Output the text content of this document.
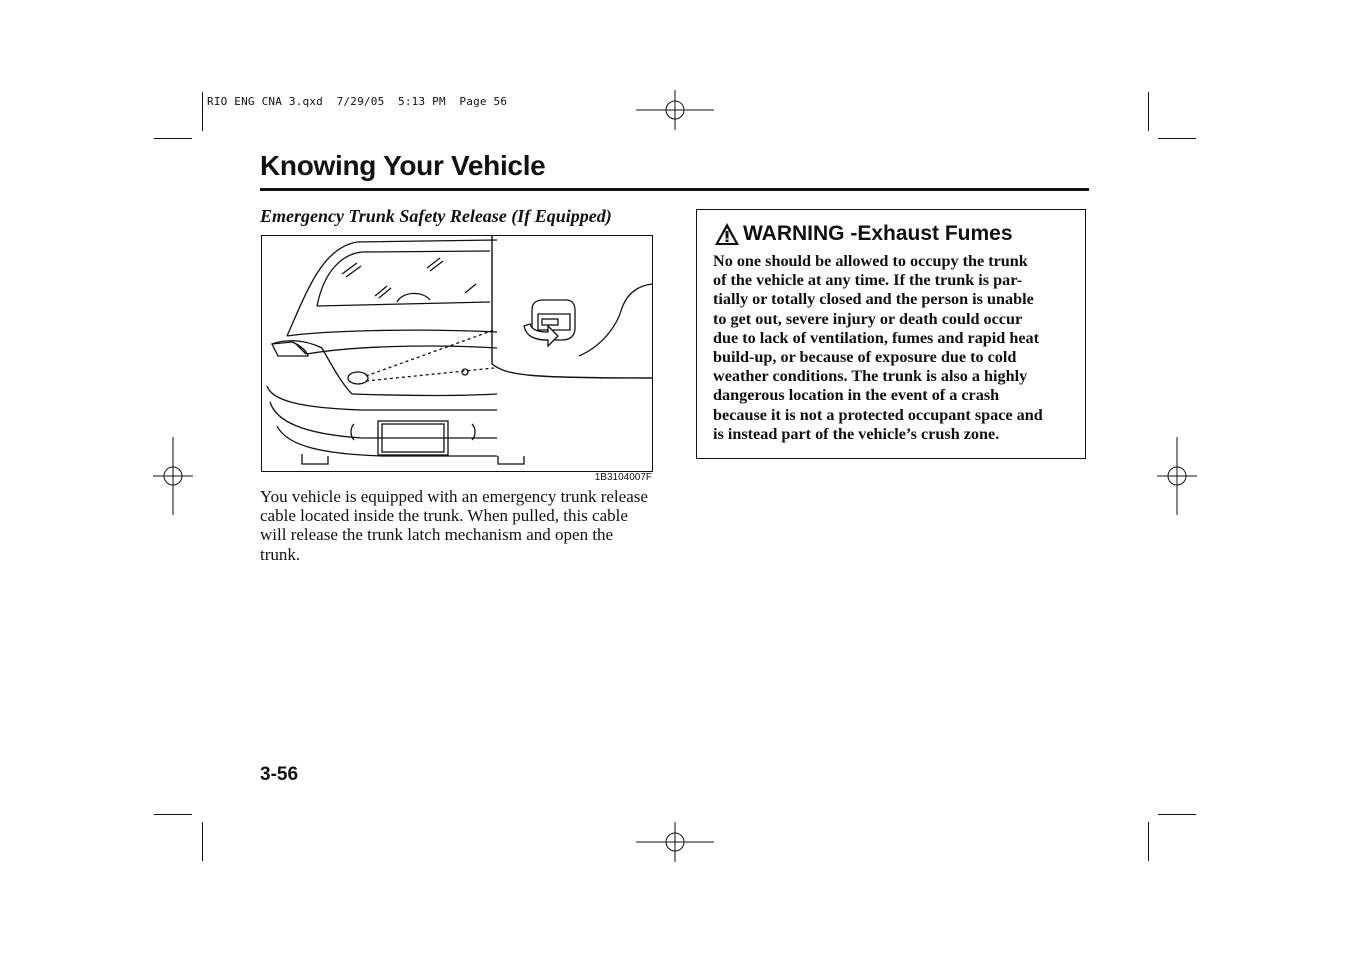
RIO ENG CNA 3.qxd  7/29/05  5:13 PM  Page 56
Knowing Your Vehicle
Emergency Trunk Safety Release (If Equipped)
1B3104007F
You vehicle is equipped with an emergency trunk release cable located inside the trunk. When pulled, this cable will release the trunk latch mechanism and open the trunk.
WARNING -Exhaust Fumes
No one should be allowed to occupy the trunk
of the vehicle at any time. If the trunk is par-
tially or totally closed and the person is unable
to get out, severe injury or death could occur
due to lack of ventilation, fumes and rapid heat
build-up, or because of exposure due to cold
weather conditions. The trunk is also a highly
dangerous location in the event of a crash
because it is not a protected occupant space and
is instead part of the vehicle’s crush zone.
3-56
